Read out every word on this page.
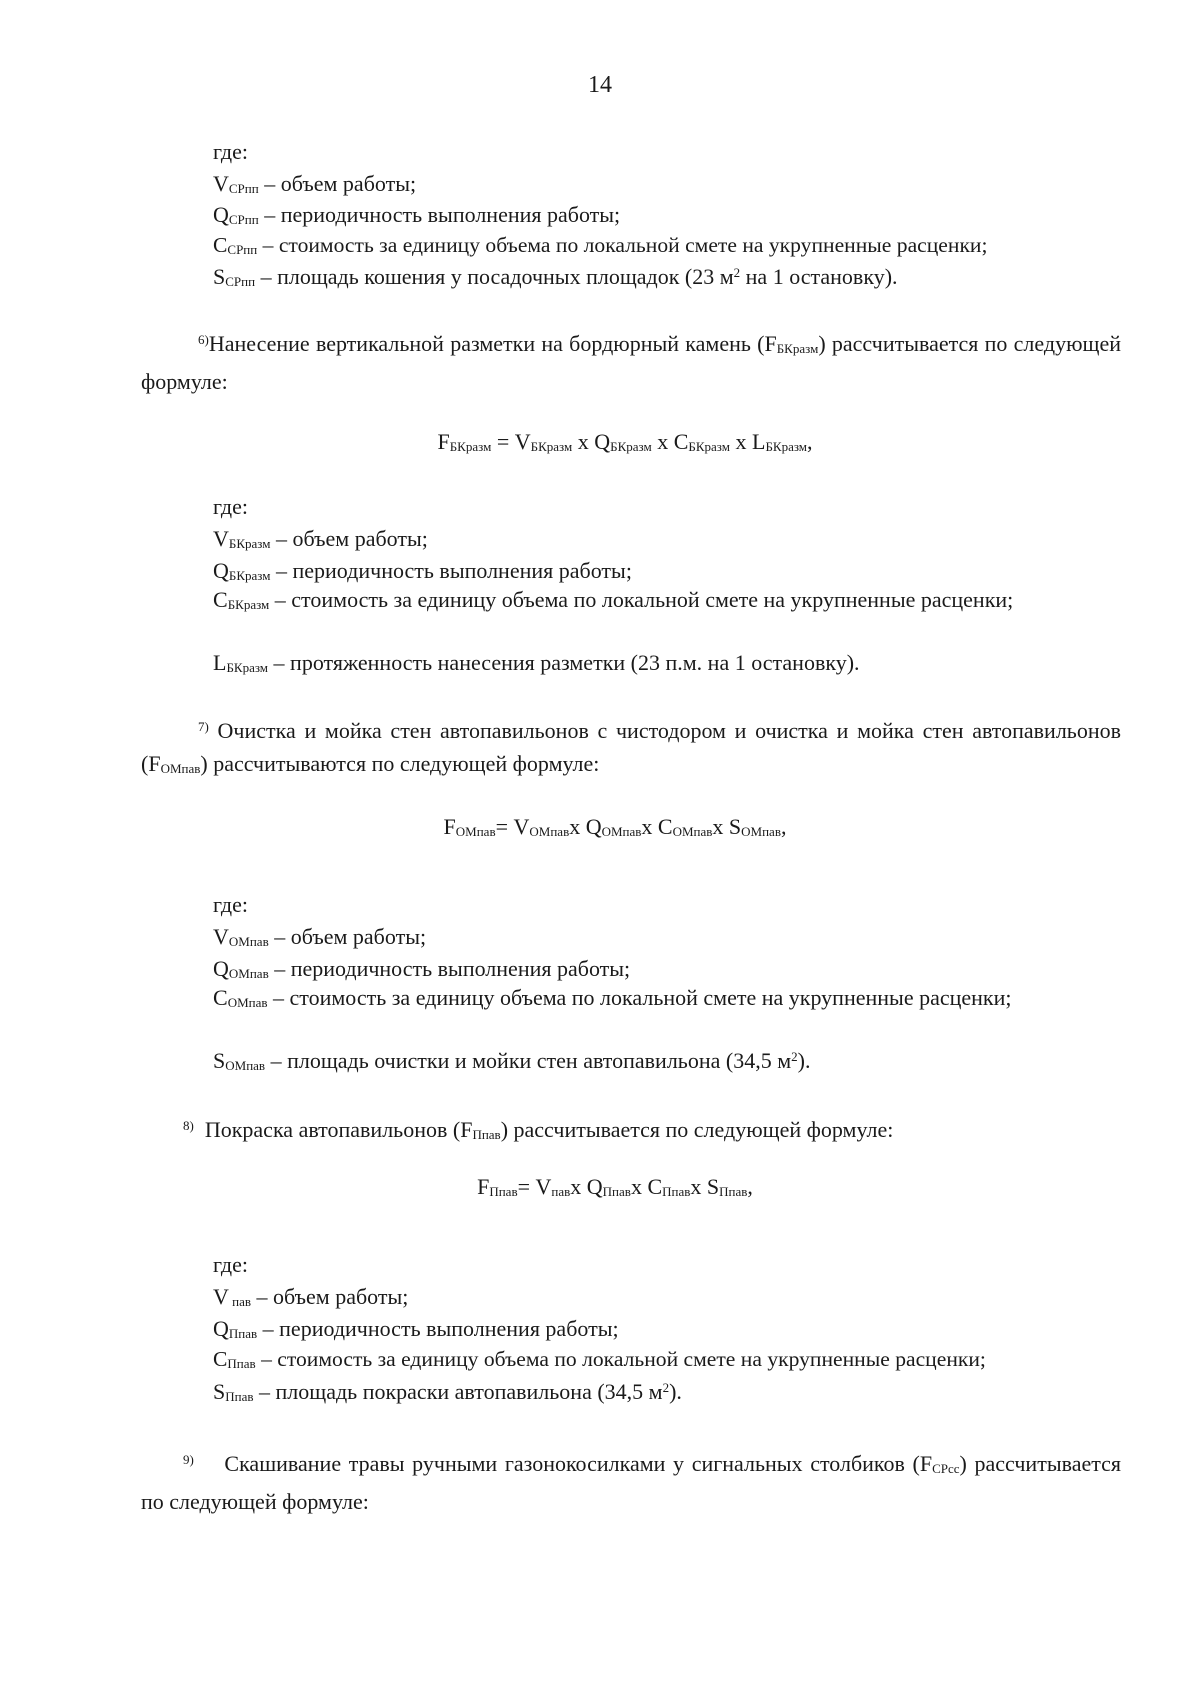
14
где:
$V_{CPпп}$ – объем работы;
$Q_{CPпп}$ – периодичность выполнения работы;
$C_{CPпп}$ – стоимость за единицу объема по локальной смете на укрупненные расценки;
$S_{CPпп}$ – площадь кошения у посадочных площадок (23 $м^2$ на 1 остановку).

$^{6)}$Нанесение вертикальной разметки на бордюрный камень $(F_{БКразм})$ рассчитывается по следующей формуле:

$F_{БКразм} = V_{БКразм}$ x $Q_{БКразм}$ x $C_{БКразм}$ x $L_{БКразм}$,
где:
$V_{БКразм}$ – объем работы;
$Q_{БКразм}$ – периодичность выполнения работы;

$C_{БКразм}$ – стоимость за единицу объема по локальной смете на укрупненные расценки;

$L_{БКразм}$ – протяженность нанесения разметки (23 п.м. на 1 остановку).

$^{7)}$ Очистка и мойка стен автопавильонов с чистодором и очистка и мойка стен автопавильонов $(F_{OMпав})$ рассчитываются по следующей формуле:

$F_{OMпав}= V_{OMпав}x$ $Q_{OMпав}x$ $C_{OMпав}x$ $S_{OMпав}$,
где:
$V_{OMпав}$ – объем работы;
$Q_{OMпав}$ – периодичность выполнения работы;

$C_{OMпав}$ – стоимость за единицу объема по локальной смете на укрупненные расценки;

$S_{OMпав}$ – площадь очистки и мойки стен автопавильона (34,5 $м^2$).
$^{8)}$ Покраска автопавильонов $(F_{Ппав})$ рассчитывается по следующей формуле:
$F_{Ппав}= V_{пав}x$ $Q_{Ппав}x$ $C_{Ппав}x$ $S_{Ппав}$,
где:
V $_{пав}$ – объем работы;
$Q_{Ппав}$ – периодичность выполнения работы;
$C_{Ппав}$ – стоимость за единицу объема по локальной смете на укрупненные расценки;
$S_{Ппав}$ – площадь покраски автопавильона (34,5 $м^2$).

$^{9)}$ Скашивание травы ручными газонокосилками у сигнальных столбиков $(F_{CPсс})$ рассчитывается по следующей формуле:
